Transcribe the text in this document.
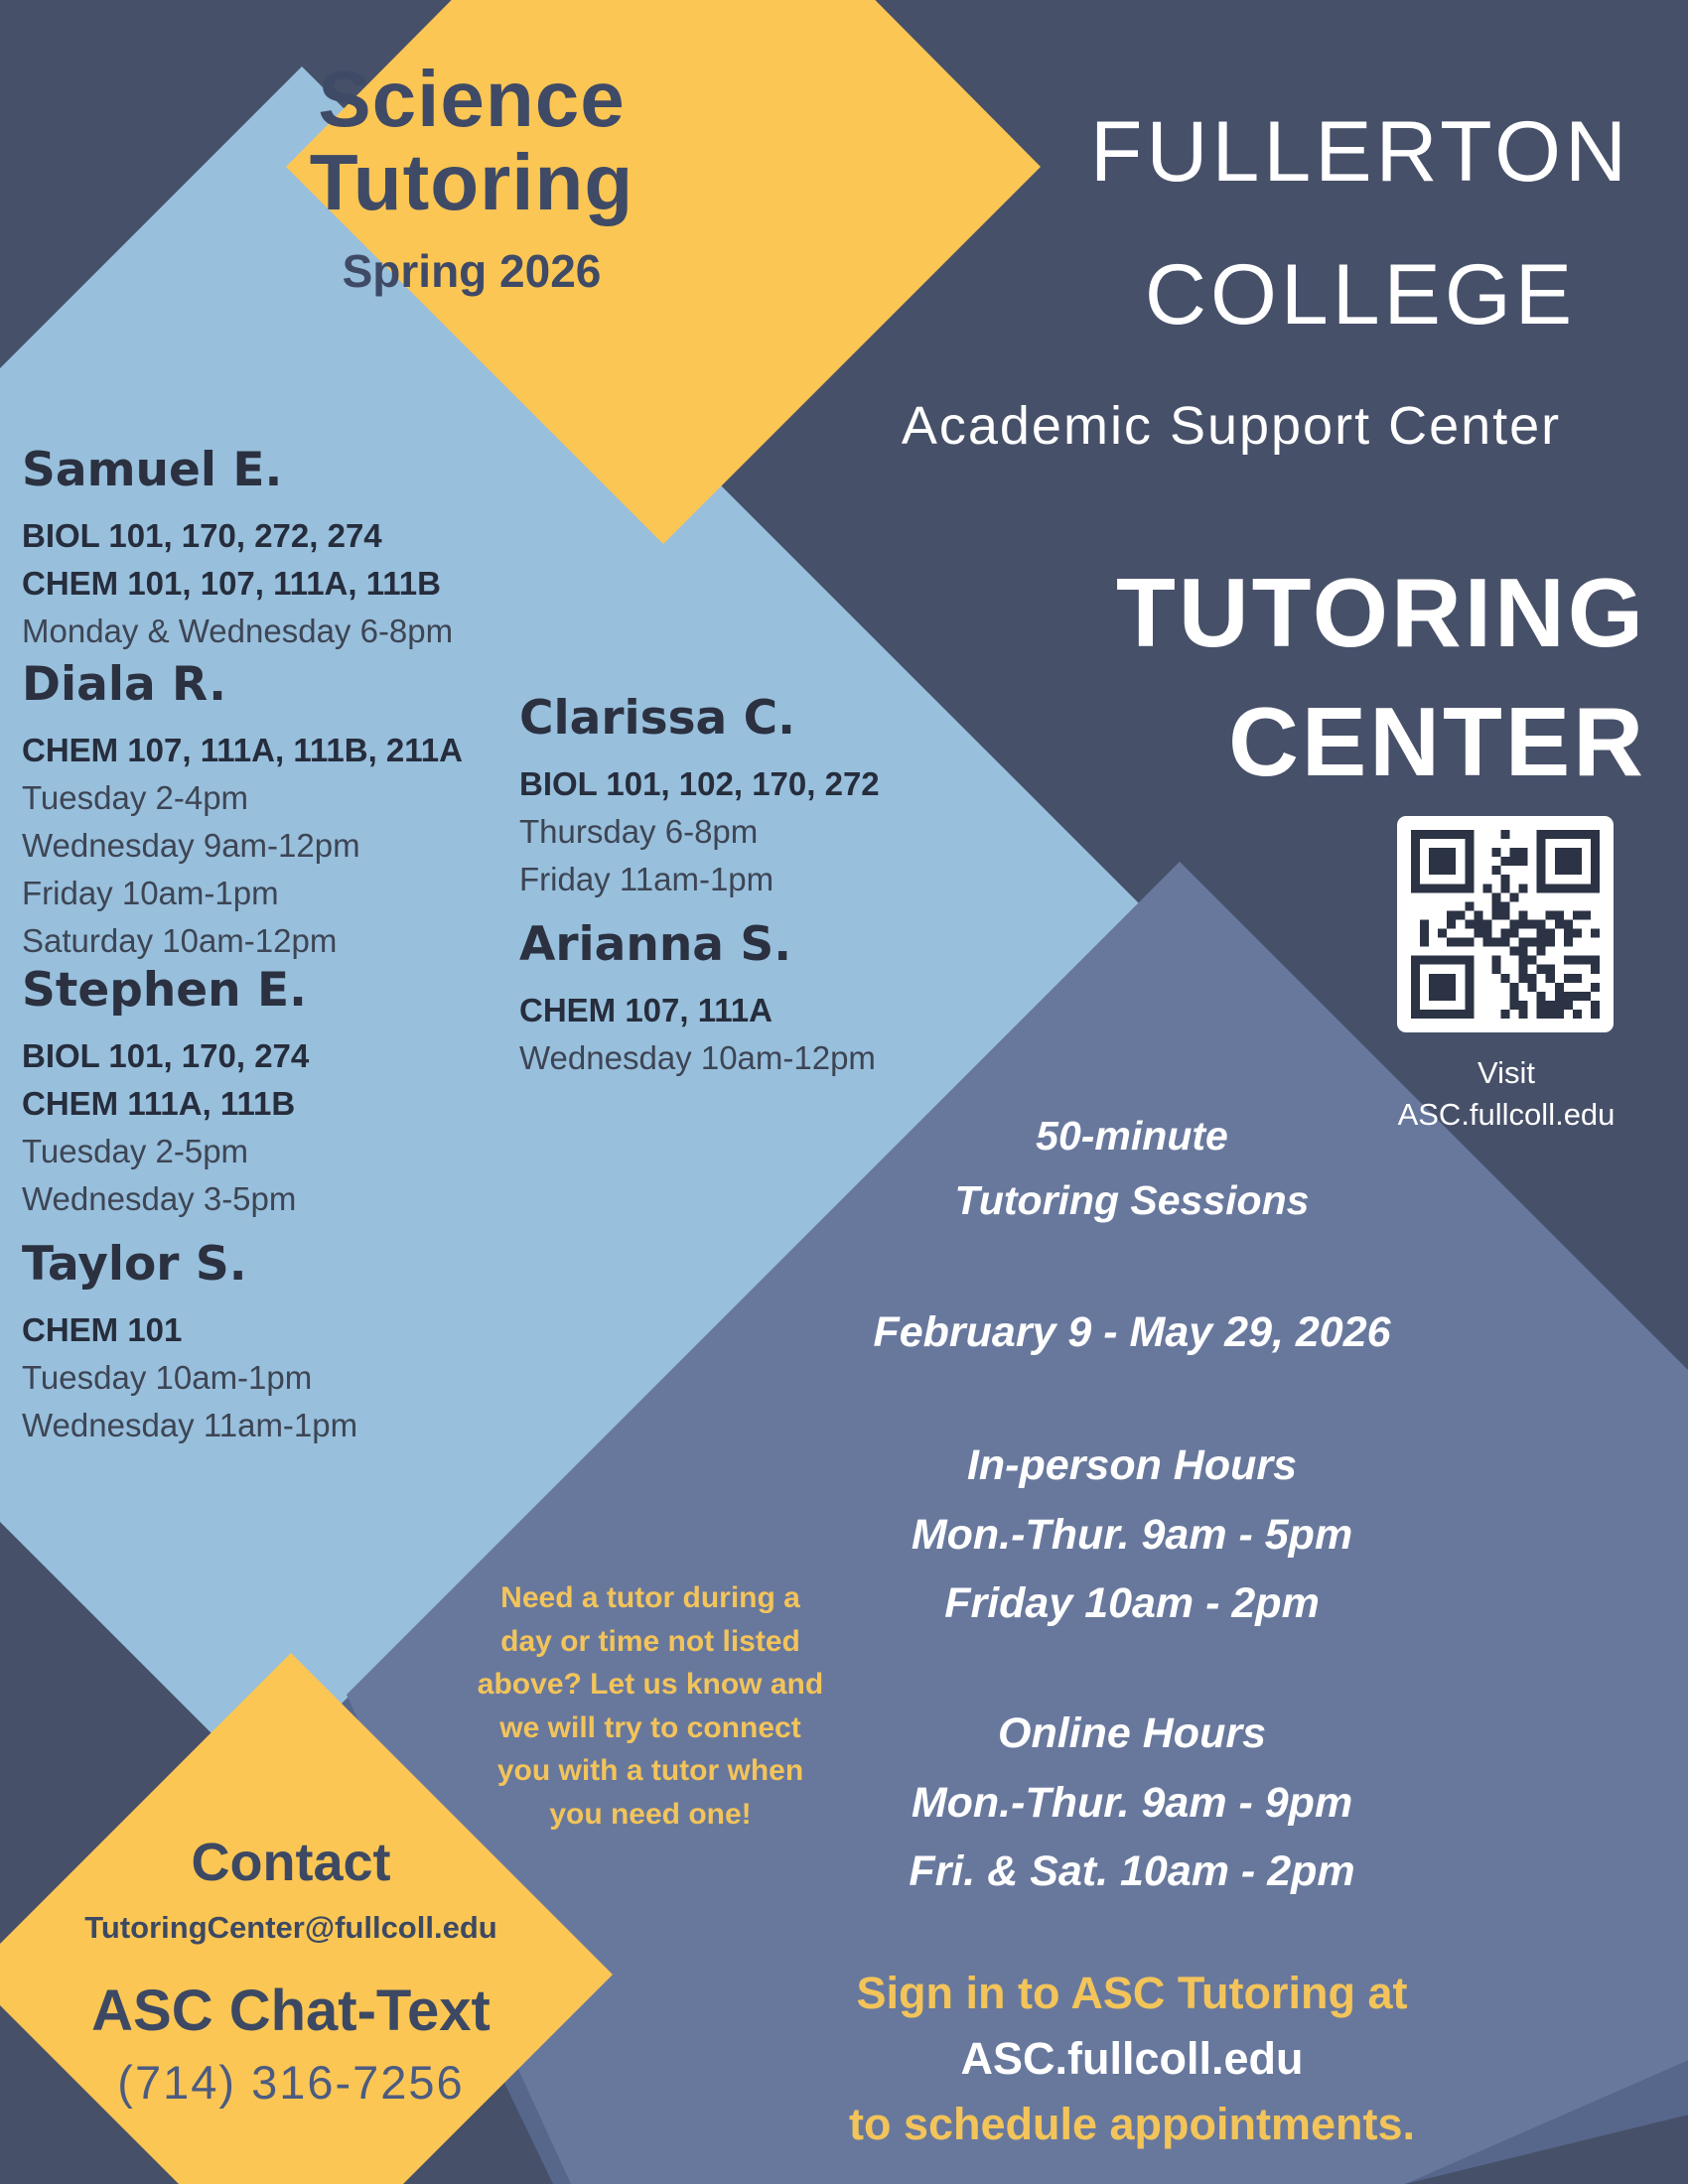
Science
Tutoring
Spring 2026
FULLERTON
COLLEGE
Academic Support Center
TUTORING
CENTER
Visit
ASC.fullcoll.edu
Samuel E.
BIOL 101, 170, 272, 274
CHEM 101, 107, 111A, 111B
Monday & Wednesday 6-8pm
Diala R.
CHEM 107, 111A, 111B, 211A
Tuesday 2-4pm
Wednesday 9am-12pm
Friday 10am-1pm
Saturday 10am-12pm
Stephen E.
BIOL 101, 170, 274
CHEM 111A, 111B
Tuesday 2-5pm
Wednesday 3-5pm
Taylor S.
CHEM 101
Tuesday 10am-1pm
Wednesday 11am-1pm
Clarissa C.
BIOL 101, 102, 170, 272
Thursday 6-8pm
Friday 11am-1pm
Arianna S.
CHEM 107, 111A
Wednesday 10am-12pm
50-minute
Tutoring Sessions
February 9 - May 29, 2026
In-person Hours
Mon.-Thur. 9am - 5pm
Friday 10am - 2pm
Online Hours
Mon.-Thur. 9am - 9pm
Fri. & Sat. 10am - 2pm
Sign in to ASC Tutoring at
ASC.fullcoll.edu
to schedule appointments.
Need a tutor during a
day or time not listed
above? Let us know and
we will try to connect
you with a tutor when
you need one!
Contact
TutoringCenter@fullcoll.edu
ASC Chat-Text
(714) 316-7256
